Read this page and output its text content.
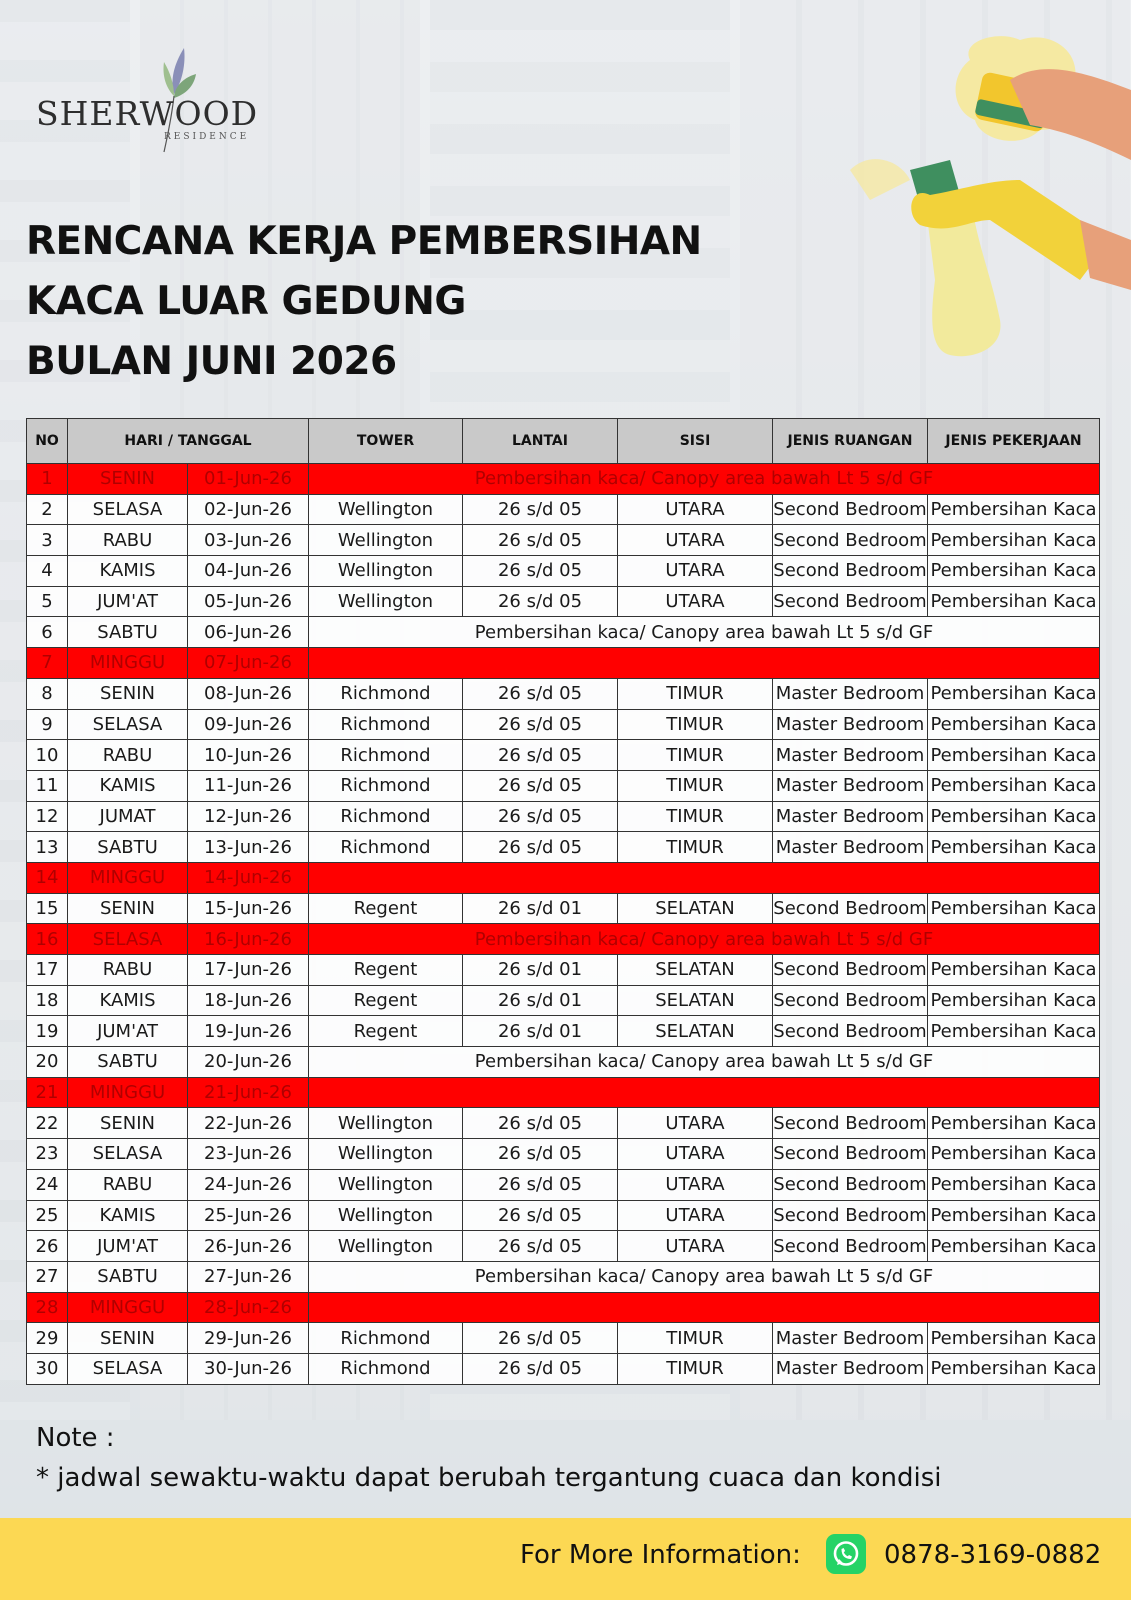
SHERWOOD
RESIDENCE
RENCANA KERJA PEMBERSIHAN
KACA LUAR GEDUNG
BULAN JUNI 2026
NO	HARI / TANGGAL		TOWER	LANTAI	SISI	JENIS RUANGAN	JENIS PEKERJAAN
1	SENIN	01-Jun-26	Pembersihan kaca/ Canopy area bawah Lt 5 s/d GF				
2	SELASA	02-Jun-26	Wellington	26 s/d 05	UTARA	Second Bedroom	Pembersihan Kaca
3	RABU	03-Jun-26	Wellington	26 s/d 05	UTARA	Second Bedroom	Pembersihan Kaca
4	KAMIS	04-Jun-26	Wellington	26 s/d 05	UTARA	Second Bedroom	Pembersihan Kaca
5	JUM'AT	05-Jun-26	Wellington	26 s/d 05	UTARA	Second Bedroom	Pembersihan Kaca
6	SABTU	06-Jun-26	Pembersihan kaca/ Canopy area bawah Lt 5 s/d GF				
7	MINGGU	07-Jun-26					
8	SENIN	08-Jun-26	Richmond	26 s/d 05	TIMUR	Master Bedroom	Pembersihan Kaca
9	SELASA	09-Jun-26	Richmond	26 s/d 05	TIMUR	Master Bedroom	Pembersihan Kaca
10	RABU	10-Jun-26	Richmond	26 s/d 05	TIMUR	Master Bedroom	Pembersihan Kaca
11	KAMIS	11-Jun-26	Richmond	26 s/d 05	TIMUR	Master Bedroom	Pembersihan Kaca
12	JUMAT	12-Jun-26	Richmond	26 s/d 05	TIMUR	Master Bedroom	Pembersihan Kaca
13	SABTU	13-Jun-26	Richmond	26 s/d 05	TIMUR	Master Bedroom	Pembersihan Kaca
14	MINGGU	14-Jun-26					
15	SENIN	15-Jun-26	Regent	26 s/d 01	SELATAN	Second Bedroom	Pembersihan Kaca
16	SELASA	16-Jun-26	Pembersihan kaca/ Canopy area bawah Lt 5 s/d GF				
17	RABU	17-Jun-26	Regent	26 s/d 01	SELATAN	Second Bedroom	Pembersihan Kaca
18	KAMIS	18-Jun-26	Regent	26 s/d 01	SELATAN	Second Bedroom	Pembersihan Kaca
19	JUM'AT	19-Jun-26	Regent	26 s/d 01	SELATAN	Second Bedroom	Pembersihan Kaca
20	SABTU	20-Jun-26	Pembersihan kaca/ Canopy area bawah Lt 5 s/d GF				
21	MINGGU	21-Jun-26					
22	SENIN	22-Jun-26	Wellington	26 s/d 05	UTARA	Second Bedroom	Pembersihan Kaca
23	SELASA	23-Jun-26	Wellington	26 s/d 05	UTARA	Second Bedroom	Pembersihan Kaca
24	RABU	24-Jun-26	Wellington	26 s/d 05	UTARA	Second Bedroom	Pembersihan Kaca
25	KAMIS	25-Jun-26	Wellington	26 s/d 05	UTARA	Second Bedroom	Pembersihan Kaca
26	JUM'AT	26-Jun-26	Wellington	26 s/d 05	UTARA	Second Bedroom	Pembersihan Kaca
27	SABTU	27-Jun-26	Pembersihan kaca/ Canopy area bawah Lt 5 s/d GF				
28	MINGGU	28-Jun-26					
29	SENIN	29-Jun-26	Richmond	26 s/d 05	TIMUR	Master Bedroom	Pembersihan Kaca
30	SELASA	30-Jun-26	Richmond	26 s/d 05	TIMUR	Master Bedroom	Pembersihan Kaca
Note :
* jadwal sewaktu-waktu dapat berubah tergantung cuaca dan kondisi
For More Information:	0878-3169-0882
